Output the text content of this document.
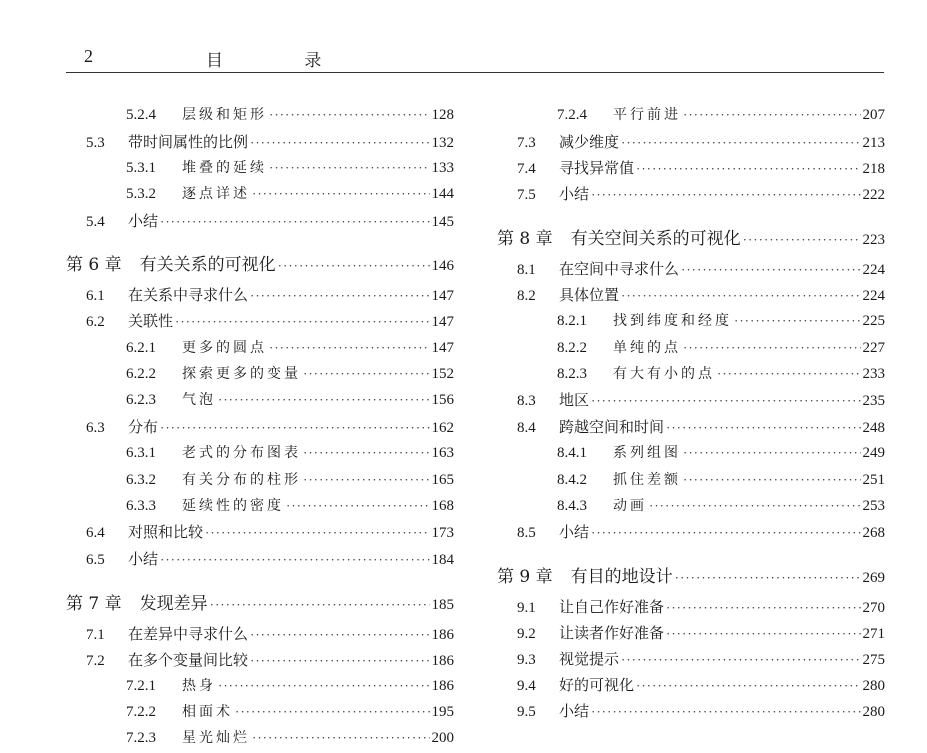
2	目 录
5.2.4	层级和矩形 ·····	128
5.3	带时间属性的比例 ·····	132
5.3.1	堆叠的延续 ·····	133
5.3.2	逐点详述 ·····	144
5.4	小结 ·····	145
第 6 章 有关关系的可视化 ·····	146
6.1	在关系中寻求什么 ·····	147
6.2	关联性 ·····	147
6.2.1	更多的圆点 ·····	147
6.2.2	探索更多的变量 ·····	152
6.2.3	气泡 ·····	156
6.3	分布 ·····	162
6.3.1	老式的分布图表 ·····	163
6.3.2	有关分布的柱形 ·····	165
6.3.3	延续性的密度 ·····	168
6.4	对照和比较 ·····	173
6.5	小结 ·····	184
第 7 章 发现差异 ·····	185
7.1	在差异中寻求什么 ·····	186
7.2	在多个变量间比较 ·····	186
7.2.1	热身 ·····	186
7.2.2	相面术 ·····	195
7.2.3	星光灿烂 ·····	200
7.2.4	平行前进 ·····	207
7.3	减少维度 ·····	213
7.4	寻找异常值 ·····	218
7.5	小结 ·····	222
第 8 章 有关空间关系的可视化 ·····	223
8.1	在空间中寻求什么 ·····	224
8.2	具体位置 ·····	224
8.2.1	找到纬度和经度 ·····	225
8.2.2	单纯的点 ·····	227
8.2.3	有大有小的点 ·····	233
8.3	地区 ·····	235
8.4	跨越空间和时间 ·····	248
8.4.1	系列组图 ·····	249
8.4.2	抓住差额 ·····	251
8.4.3	动画 ·····	253
8.5	小结 ·····	268
第 9 章 有目的地设计 ·····	269
9.1	让自己作好准备 ·····	270
9.2	让读者作好准备 ·····	271
9.3	视觉提示 ·····	275
9.4	好的可视化 ·····	280
9.5	小结 ·····	280
